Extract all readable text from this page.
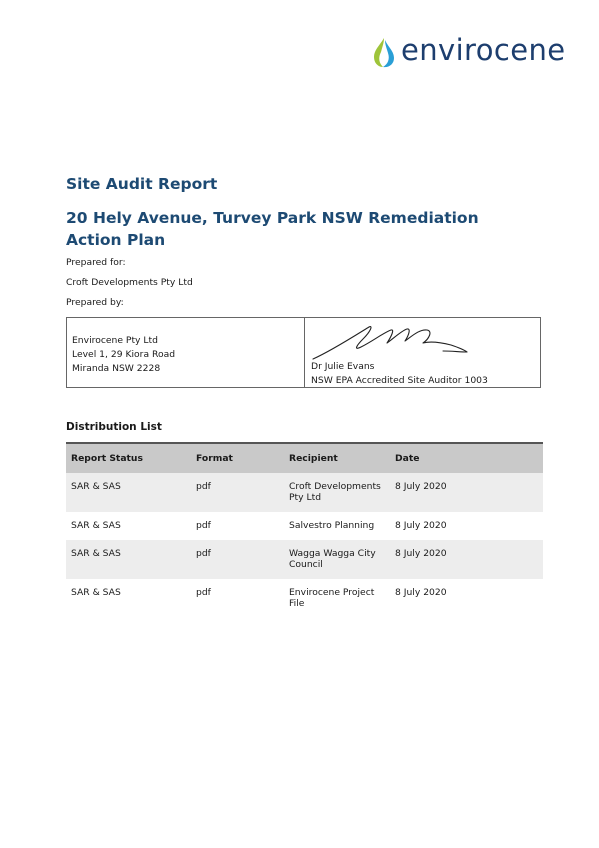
envirocene
Site Audit Report
20 Hely Avenue, Turvey Park NSW Remediation Action Plan
Prepared for:
Croft Developments Pty Ltd
Prepared by:
Envirocene Pty Ltd
Level 1, 29 Kiora Road
Miranda NSW 2228	Dr Julie Evans
NSW EPA Accredited Site Auditor 1003
Distribution List
Report Status	Format	Recipient	Date
SAR & SAS	pdf	Croft Developments Pty Ltd	8 July 2020
SAR & SAS	pdf	Salvestro Planning	8 July 2020
SAR & SAS	pdf	Wagga Wagga City Council	8 July 2020
SAR & SAS	pdf	Envirocene Project File	8 July 2020
